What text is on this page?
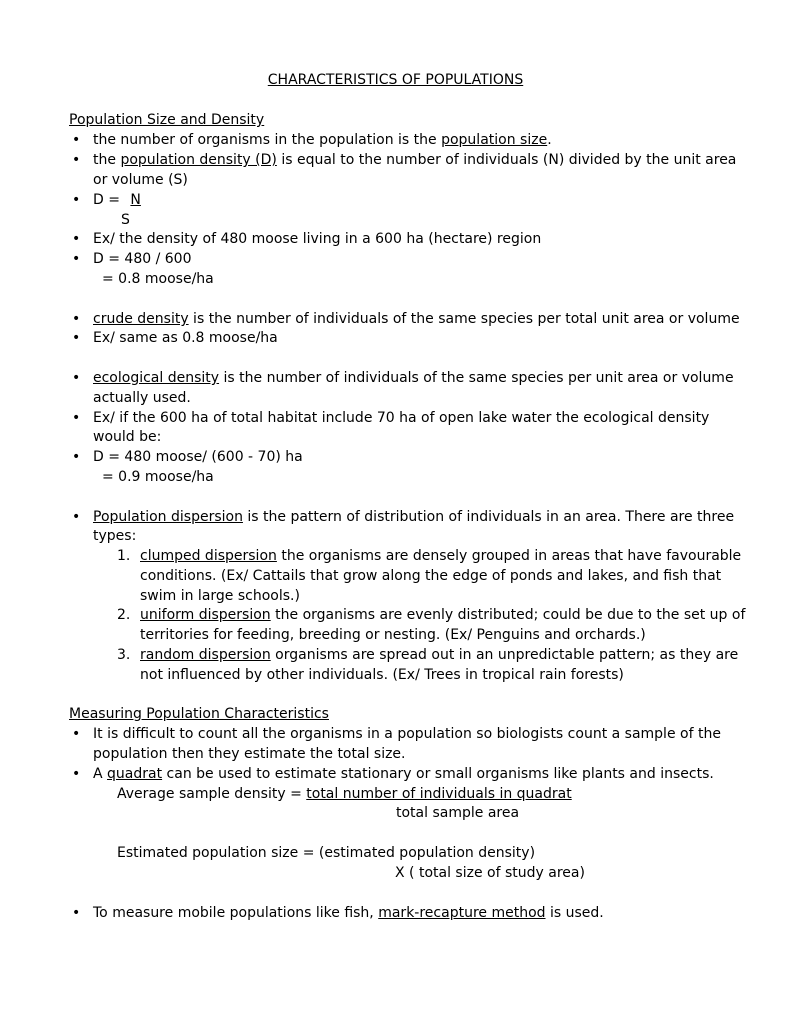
CHARACTERISTICS OF POPULATIONS
Population Size and Density
• the number of organisms in the population is the population size.
• the population density (D) is equal to the number of individuals (N) divided by the unit area
or volume (S)
• D = N
S
• Ex/ the density of 480 moose living in a 600 ha (hectare) region
• D = 480 / 600
= 0.8 moose/ha
• crude density is the number of individuals of the same species per total unit area or volume
• Ex/ same as 0.8 moose/ha
• ecological density is the number of individuals of the same species per unit area or volume
actually used.
• Ex/ if the 600 ha of total habitat include 70 ha of open lake water the ecological density
would be:
• D = 480 moose/ (600 - 70) ha
= 0.9 moose/ha
• Population dispersion is the pattern of distribution of individuals in an area. There are three
types:
1. clumped dispersion the organisms are densely grouped in areas that have favourable
conditions. (Ex/ Cattails that grow along the edge of ponds and lakes, and fish that
swim in large schools.)
2. uniform dispersion the organisms are evenly distributed; could be due to the set up of
territories for feeding, breeding or nesting. (Ex/ Penguins and orchards.)
3. random dispersion organisms are spread out in an unpredictable pattern; as they are
not influenced by other individuals. (Ex/ Trees in tropical rain forests)
Measuring Population Characteristics
• It is difficult to count all the organisms in a population so biologists count a sample of the
population then they estimate the total size.
• A quadrat can be used to estimate stationary or small organisms like plants and insects.
Average sample density = total number of individuals in quadrat
total sample area
Estimated population size = (estimated population density)
X ( total size of study area)
• To measure mobile populations like fish, mark-recapture method is used.
